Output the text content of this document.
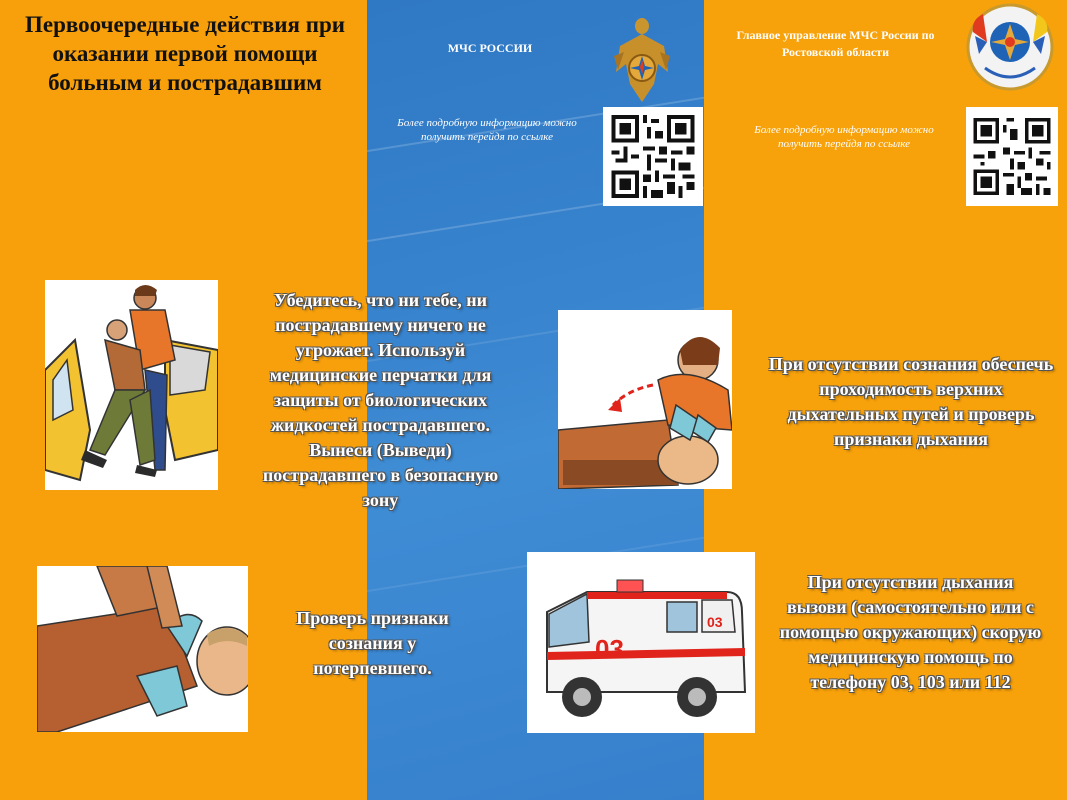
Первоочередные действия при оказании первой помощи больным и пострадавшим
МЧС РОССИИ
Более подробную информацию можно получить перейдя по ссылке
Главное управление МЧС России по Ростовской области
Более подробную информацию можно получить перейдя по ссылке
Убедитесь, что ни тебе, ни пострадавшему ничего не угрожает. Используй медицинские перчатки для защиты от биологических жидкостей пострадавшего. Вынеси (Выведи) пострадавшего в безопасную зону
Проверь признаки сознания у потерпевшего.
При отсутствии сознания обеспечь проходимость верхних дыхательных путей и проверь признаки дыхания
03
03
При отсутствии дыхания вызови (самостоятельно или с помощью окружающих) скорую медицинскую помощь по телефону 03, 103 или 112
